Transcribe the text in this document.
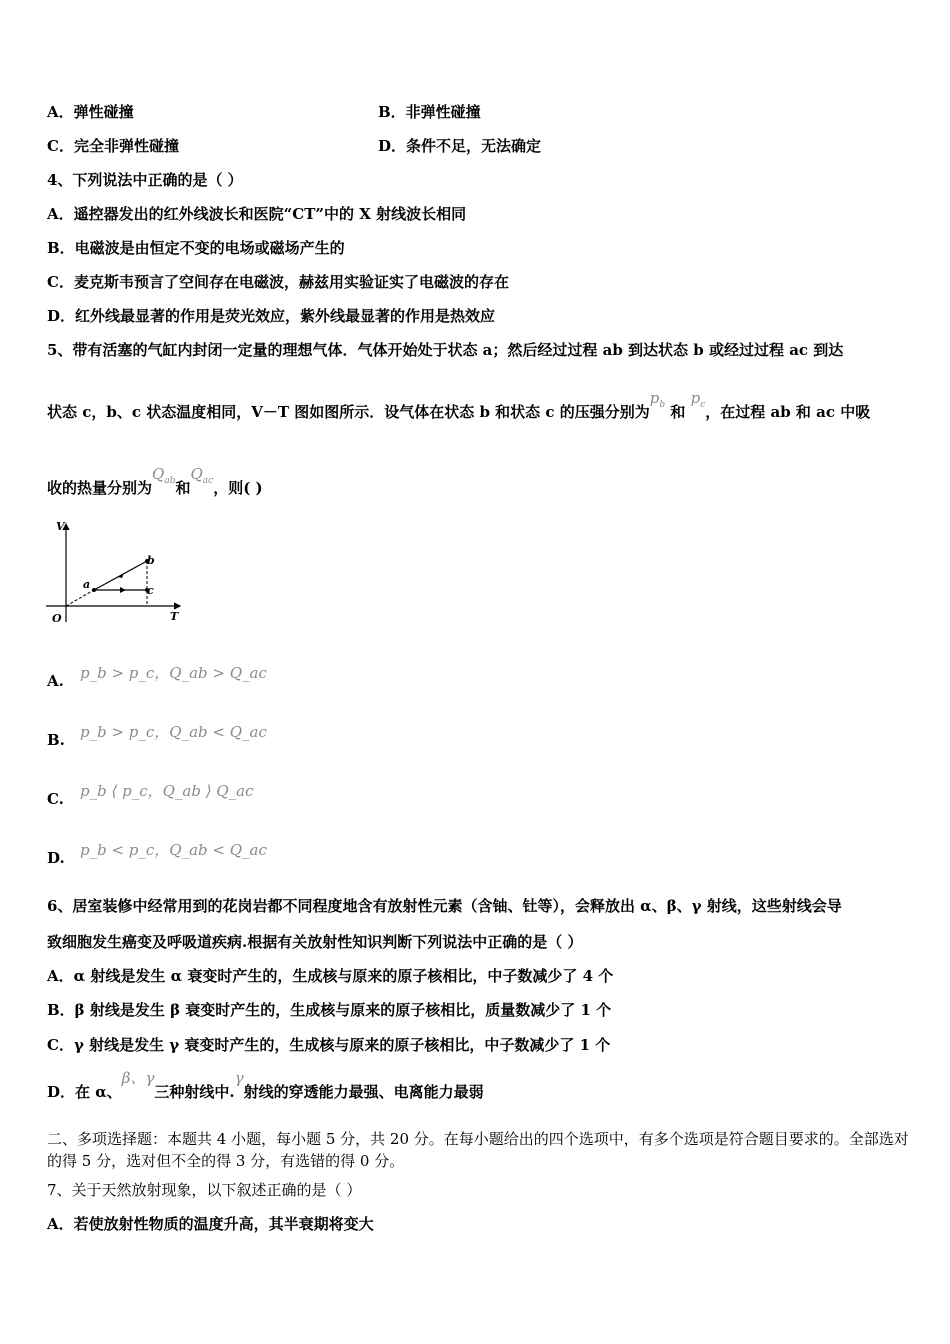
A．弹性碰撞	B．非弹性碰撞
C．完全非弹性碰撞	D．条件不足，无法确定
4、下列说法中正确的是（ ）
A．遥控器发出的红外线波长和医院“CT”中的 X 射线波长相同
B．电磁波是由恒定不变的电场或磁场产生的
C．麦克斯韦预言了空间存在电磁波，赫兹用实验证实了电磁波的存在
D．红外线最显著的作用是荧光效应，紫外线最显著的作用是热效应
5、带有活塞的气缸内封闭一定量的理想气体．气体开始处于状态 a；然后经过过程 ab 到达状态 b 或经过过程 ac 到达
状态 c，b、c 状态温度相同，V－T 图如图所示．设气体在状态 b 和状态 c 的压强分别为$p_b$ 和 $p_c$，在过程 ab 和 ac 中吸
收的热量分别为$Q_{ab}$和$Q_{ac}$，则( )
V
T
O
a
b
c
A. p_b > p_c，Q_ab > Q_ac
B. p_b > p_c，Q_ab < Q_ac
C. p_b ⟨ p_c，Q_ab ⟩ Q_ac
D. p_b < p_c，Q_ab < Q_ac
6、居室装修中经常用到的花岗岩都不同程度地含有放射性元素（含铀、钍等），会释放出 α、β、γ 射线，这些射线会导
致细胞发生癌变及呼吸道疾病.根据有关放射性知识判断下列说法中正确的是（ ）
A．α 射线是发生 α 衰变时产生的，生成核与原来的原子核相比，中子数减少了 4 个
B．β 射线是发生 β 衰变时产生的，生成核与原来的原子核相比，质量数减少了 1 个
C．γ 射线是发生 γ 衰变时产生的，生成核与原来的原子核相比，中子数减少了 1 个
D．在 α、β、γ三种射线中.γ射线的穿透能力最强、电离能力最弱
二、多项选择题：本题共 4 小题，每小题 5 分，共 20 分。在每小题给出的四个选项中，有多个选项是符合题目要求的。全部选对的得 5 分，选对但不全的得 3 分，有选错的得 0 分。
7、关于天然放射现象，以下叙述正确的是（ ）
A．若使放射性物质的温度升高，其半衰期将变大
